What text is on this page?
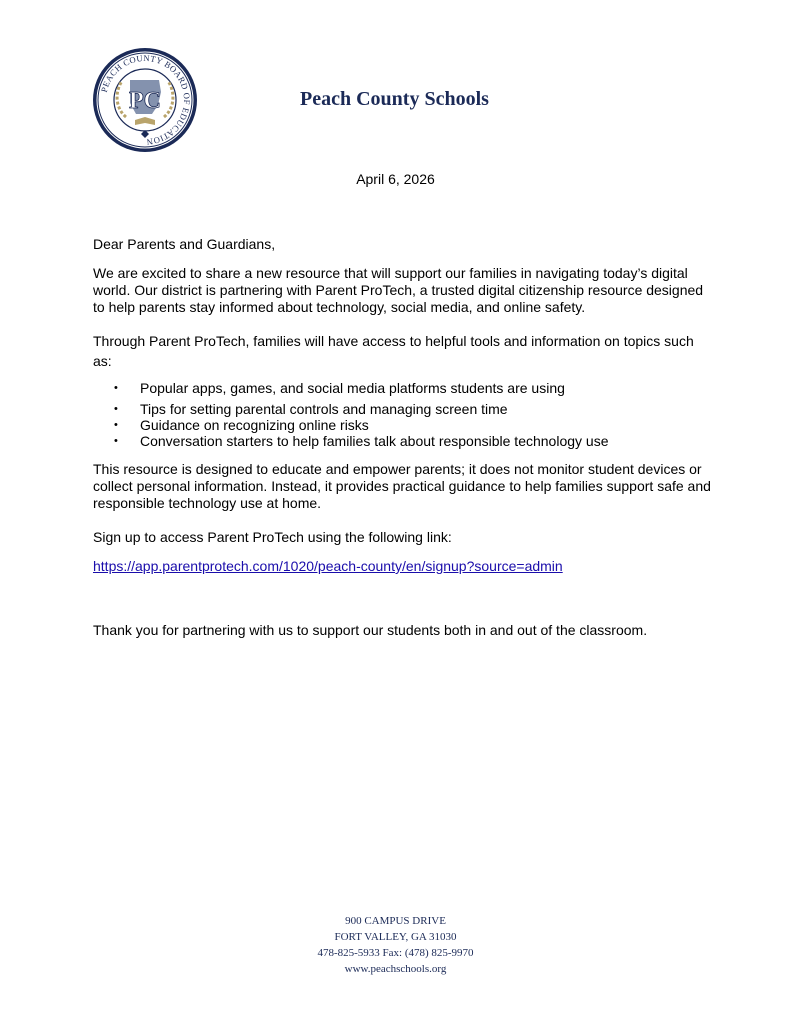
PEACH COUNTY BOARD OF EDUCATION
PC	Peach County Schools
April 6, 2026
Dear Parents and Guardians,
We are excited to share a new resource that will support our families in navigating today’s digital world. Our district is partnering with Parent ProTech, a trusted digital citizenship resource designed to help parents stay informed about technology, social media, and online safety.
Through Parent ProTech, families will have access to helpful tools and information on topics such as:
• Popular apps, games, and social media platforms students are using
• Tips for setting parental controls and managing screen time
• Guidance on recognizing online risks
• Conversation starters to help families talk about responsible technology use
This resource is designed to educate and empower parents; it does not monitor student devices or collect personal information. Instead, it provides practical guidance to help families support safe and responsible technology use at home.
Sign up to access Parent ProTech using the following link:
https://app.parentprotech.com/1020/peach-county/en/signup?source=admin
Thank you for partnering with us to support our students both in and out of the classroom.
900 CAMPUS DRIVE
FORT VALLEY, GA 31030
478-825-5933 Fax: (478) 825-9970
www.peachschools.org
